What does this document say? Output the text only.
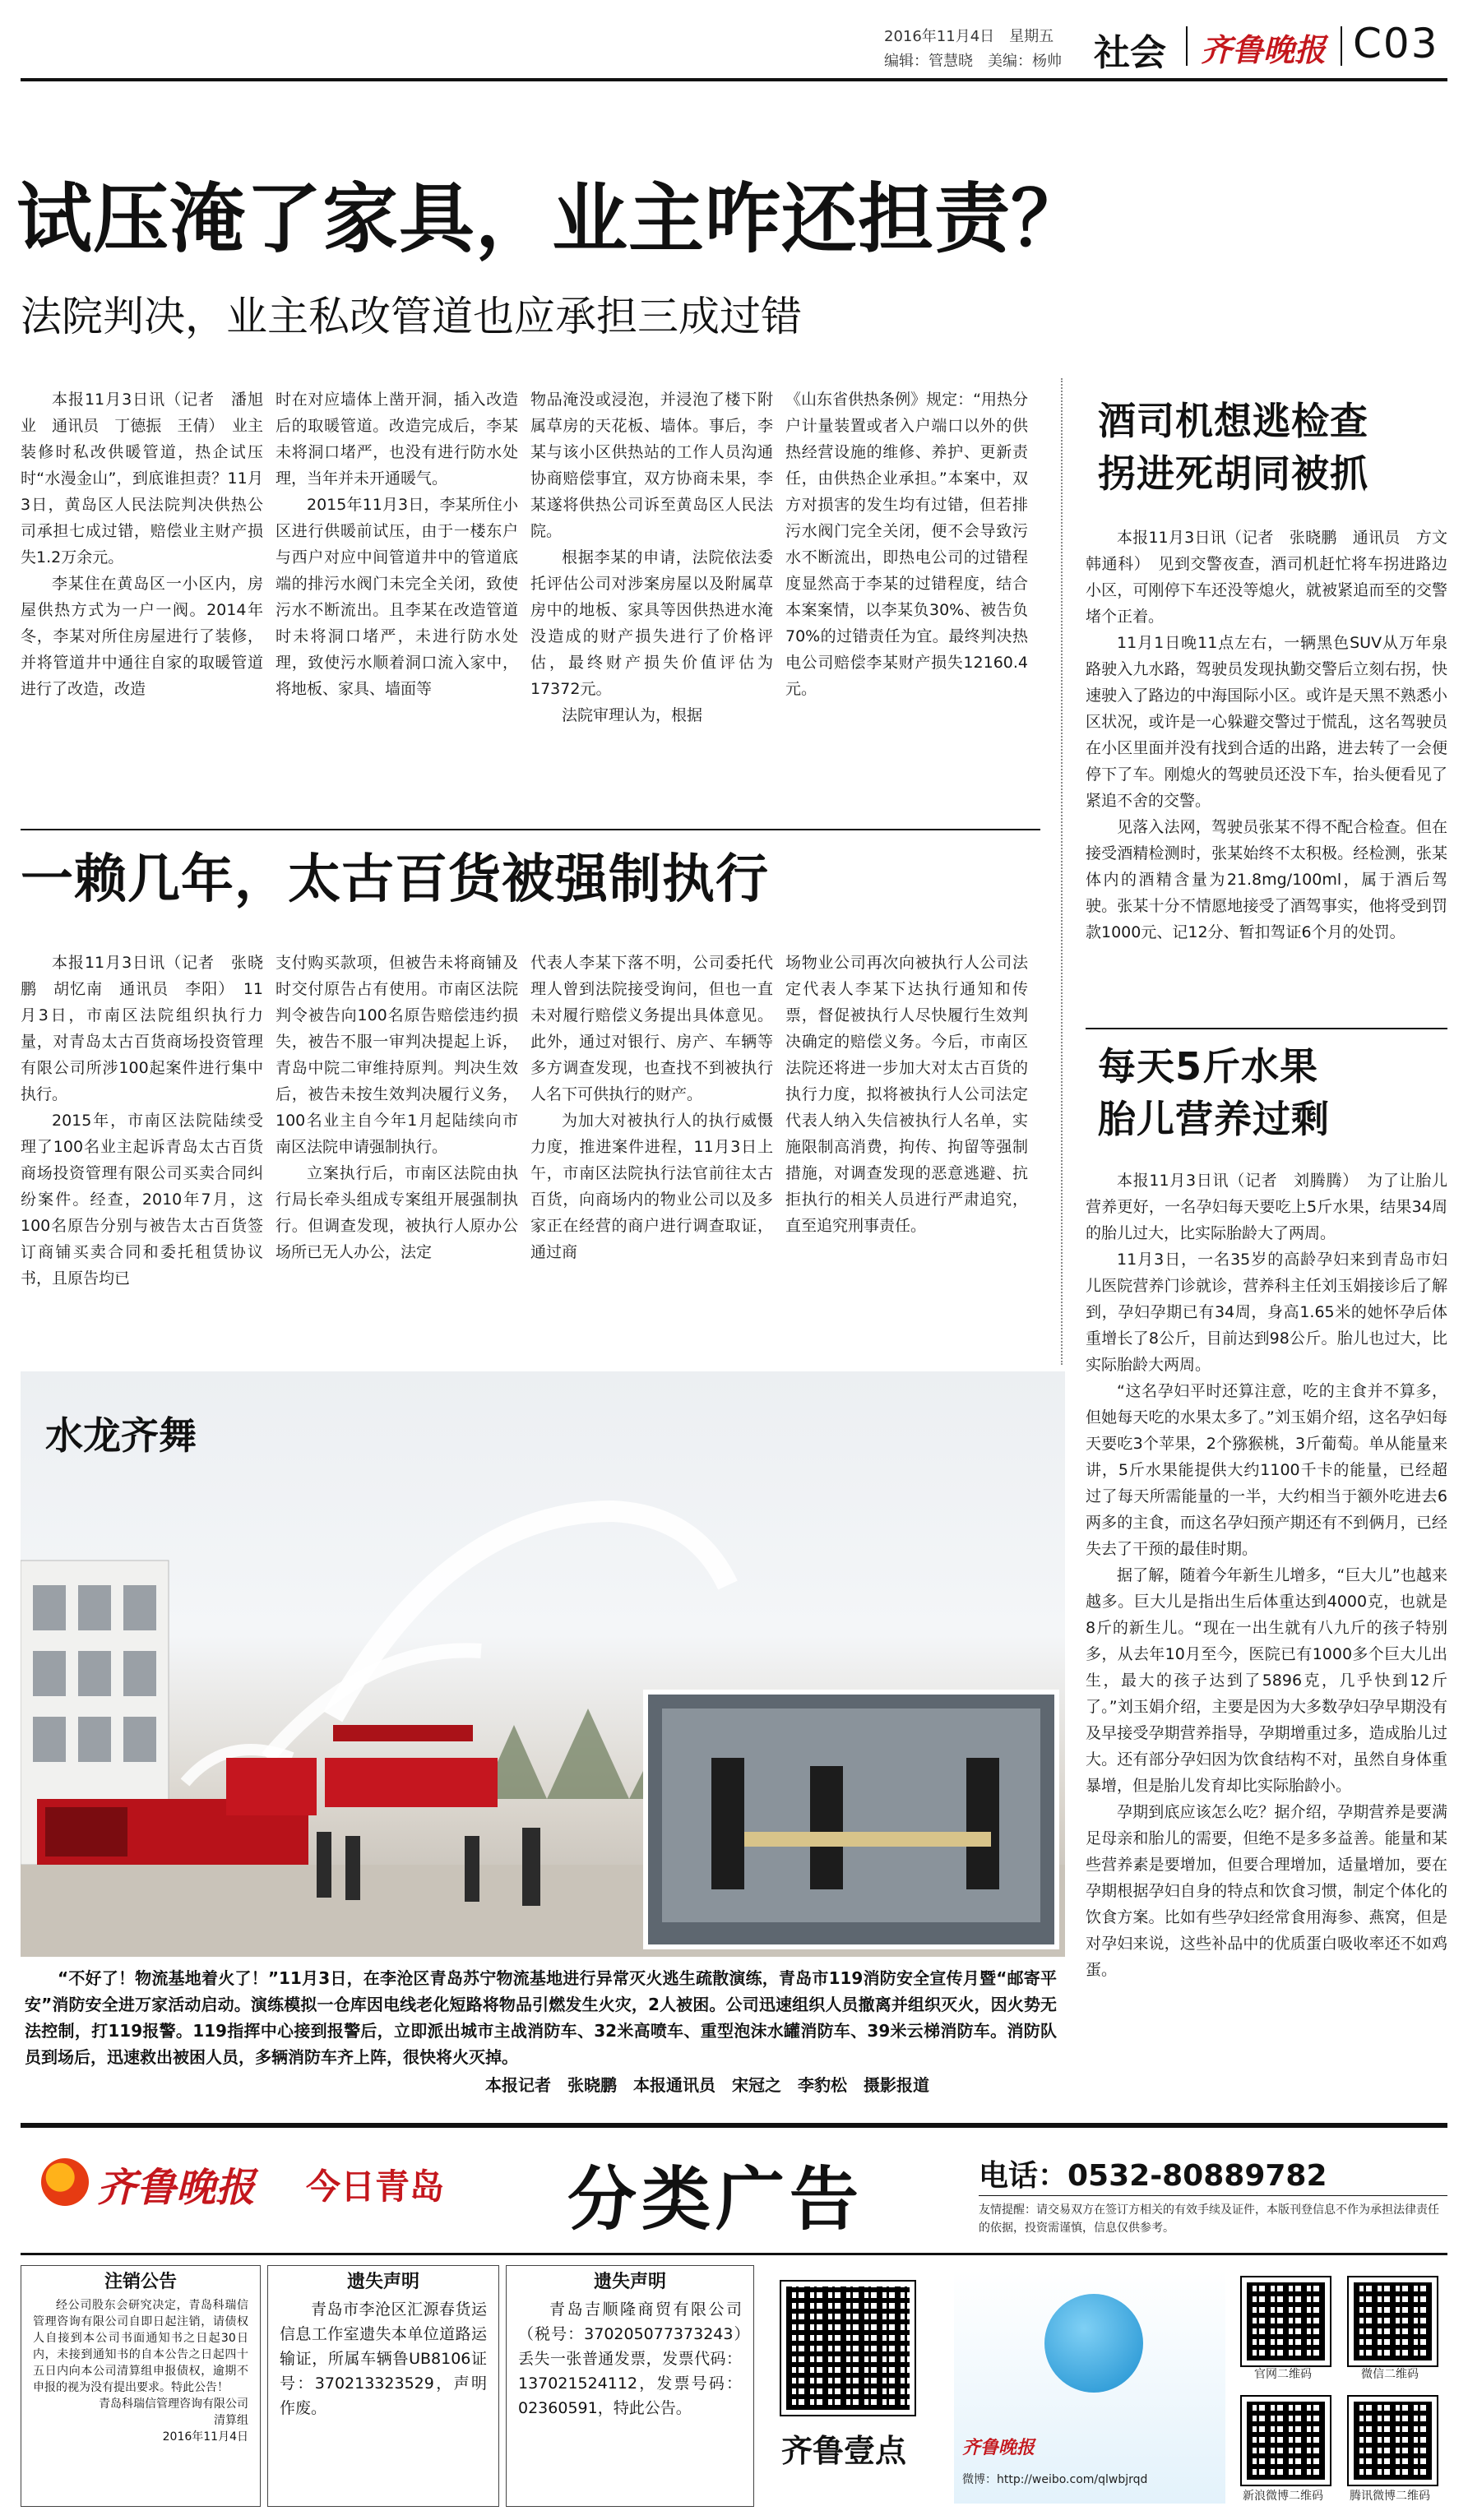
2016年11月4日　星期五
编辑：管慧晓　美编：杨帅 社会 齐鲁晚报 C03
试压淹了家具，业主咋还担责？
法院判决，业主私改管道也应承担三成过错

本报11月3日讯（记者　潘旭业　通讯员　丁德振　王倩）　业主装修时私改供暖管道，热企试压时“水漫金山”，到底谁担责？11月3日，黄岛区人民法院判决供热公司承担七成过错，赔偿业主财产损失1.2万余元。

李某住在黄岛区一小区内，房屋供热方式为一户一阀。2014年冬，李某对所住房屋进行了装修，并将管道井中通往自家的取暖管道进行了改造，改造

时在对应墙体上凿开洞，插入改造后的取暖管道。改造完成后，李某未将洞口堵严，也没有进行防水处理，当年并未开通暖气。

2015年11月3日，李某所住小区进行供暖前试压，由于一楼东户与西户对应中间管道井中的管道底端的排污水阀门未完全关闭，致使污水不断流出。且李某在改造管道时未将洞口堵严，未进行防水处理，致使污水顺着洞口流入家中，将地板、家具、墙面等

物品淹没或浸泡，并浸泡了楼下附属草房的天花板、墙体。事后，李某与该小区供热站的工作人员沟通协商赔偿事宜，双方协商未果，李某遂将供热公司诉至黄岛区人民法院。

根据李某的申请，法院依法委托评估公司对涉案房屋以及附属草房中的地板、家具等因供热进水淹没造成的财产损失进行了价格评估，最终财产损失价值评估为17372元。

法院审理认为，根据

《山东省供热条例》规定：“用热分户计量装置或者入户端口以外的供热经营设施的维修、养护、更新责任，由供热企业承担。”本案中，双方对损害的发生均有过错，但若排污水阀门完全关闭，便不会导致污水不断流出，即热电公司的过错程度显然高于李某的过错程度，结合本案案情，以李某负30%、被告负70%的过错责任为宜。最终判决热电公司赔偿李某财产损失12160.4元。

酒司机想逃检查
拐进死胡同被抓

本报11月3日讯（记者　张晓鹏　通讯员　方文　韩通科）　见到交警夜查，酒司机赶忙将车拐进路边小区，可刚停下车还没等熄火，就被紧追而至的交警堵个正着。

11月1日晚11点左右，一辆黑色SUV从万年泉路驶入九水路，驾驶员发现执勤交警后立刻右拐，快速驶入了路边的中海国际小区。或许是天黑不熟悉小区状况，或许是一心躲避交警过于慌乱，这名驾驶员在小区里面并没有找到合适的出路，进去转了一会便停下了车。刚熄火的驾驶员还没下车，抬头便看见了紧追不舍的交警。

见落入法网，驾驶员张某不得不配合检查。但在接受酒精检测时，张某始终不太积极。经检测，张某体内的酒精含量为21.8mg/100ml，属于酒后驾驶。张某十分不情愿地接受了酒驾事实，他将受到罚款1000元、记12分、暂扣驾证6个月的处罚。

一赖几年，太古百货被强制执行

本报11月3日讯（记者　张晓鹏　胡忆南　通讯员　李阳）　11月3日，市南区法院组织执行力量，对青岛太古百货商场投资管理有限公司所涉100起案件进行集中执行。

2015年，市南区法院陆续受理了100名业主起诉青岛太古百货商场投资管理有限公司买卖合同纠纷案件。经查，2010年7月，这100名原告分别与被告太古百货签订商铺买卖合同和委托租赁协议书，且原告均已

支付购买款项，但被告未将商铺及时交付原告占有使用。市南区法院判令被告向100名原告赔偿违约损失，被告不服一审判决提起上诉，青岛中院二审维持原判。判决生效后，被告未按生效判决履行义务，100名业主自今年1月起陆续向市南区法院申请强制执行。

立案执行后，市南区法院由执行局长牵头组成专案组开展强制执行。但调查发现，被执行人原办公场所已无人办公，法定

代表人李某下落不明，公司委托代理人曾到法院接受询问，但也一直未对履行赔偿义务提出具体意见。此外，通过对银行、房产、车辆等多方调查发现，也查找不到被执行人名下可供执行的财产。

为加大对被执行人的执行威慑力度，推进案件进程，11月3日上午，市南区法院执行法官前往太古百货，向商场内的物业公司以及多家正在经营的商户进行调查取证，通过商

场物业公司再次向被执行人公司法定代表人李某下达执行通知和传票，督促被执行人尽快履行生效判决确定的赔偿义务。今后，市南区法院还将进一步加大对太古百货的执行力度，拟将被执行人公司法定代表人纳入失信被执行人名单，实施限制高消费，拘传、拘留等强制措施，对调查发现的恶意逃避、抗拒执行的相关人员进行严肃追究，直至追究刑事责任。

每天5斤水果
胎儿营养过剩

本报11月3日讯（记者　刘腾腾）　为了让胎儿营养更好，一名孕妇每天要吃上5斤水果，结果34周的胎儿过大，比实际胎龄大了两周。

11月3日，一名35岁的高龄孕妇来到青岛市妇儿医院营养门诊就诊，营养科主任刘玉娟接诊后了解到，孕妇孕期已有34周，身高1.65米的她怀孕后体重增长了8公斤，目前达到98公斤。胎儿也过大，比实际胎龄大两周。

“这名孕妇平时还算注意，吃的主食并不算多，但她每天吃的水果太多了。”刘玉娟介绍，这名孕妇每天要吃3个苹果，2个猕猴桃，3斤葡萄。单从能量来讲，5斤水果能提供大约1100千卡的能量，已经超过了每天所需能量的一半，大约相当于额外吃进去6两多的主食，而这名孕妇预产期还有不到俩月，已经失去了干预的最佳时期。

据了解，随着今年新生儿增多，“巨大儿”也越来越多。巨大儿是指出生后体重达到4000克，也就是8斤的新生儿。“现在一出生就有八九斤的孩子特别多，从去年10月至今，医院已有1000多个巨大儿出生，最大的孩子达到了5896克，几乎快到12斤了。”刘玉娟介绍，主要是因为大多数孕妇孕早期没有及早接受孕期营养指导，孕期增重过多，造成胎儿过大。还有部分孕妇因为饮食结构不对，虽然自身体重暴增，但是胎儿发育却比实际胎龄小。

孕期到底应该怎么吃？据介绍，孕期营养是要满足母亲和胎儿的需要，但绝不是多多益善。能量和某些营养素是要增加，但要合理增加，适量增加，要在孕期根据孕妇自身的特点和饮食习惯，制定个体化的饮食方案。比如有些孕妇经常食用海参、燕窝，但是对孕妇来说，这些补品中的优质蛋白吸收率还不如鸡蛋。

水龙齐舞
“不好了！物流基地着火了！”11月3日，在李沧区青岛苏宁物流基地进行异常灭火逃生疏散演练，青岛市119消防安全宣传月暨“邮寄平安”消防安全进万家活动启动。演练模拟一仓库因电线老化短路将物品引燃发生火灾，2人被困。公司迅速组织人员撤离并组织灭火，因火势无法控制，打119报警。119指挥中心接到报警后，立即派出城市主战消防车、32米高喷车、重型泡沫水罐消防车、39米云梯消防车。消防队员到场后，迅速救出被困人员，多辆消防车齐上阵，很快将火灭掉。
本报记者　张晓鹏　本报通讯员　宋冠之　李豹松　摄影报道
齐鲁晚报 今日青岛 分类广告	电话：0532-80889782
友情提醒：请交易双方在签订方相关的有效手续及证件，本版刊登信息不作为承担法律责任的依据，投资需谨慎，信息仅供参考。
注销公告
经公司股东会研究决定，青岛科瑞信管理咨询有限公司自即日起注销，请债权人自接到本公司书面通知书之日起30日内，未接到通知书的自本公告之日起四十五日内向本公司清算组申报债权，逾期不申报的视为没有提出要求。特此公告！
青岛科瑞信管理咨询有限公司
清算组
2016年11月4日
遗失声明
青岛市李沧区汇源春货运信息工作室遗失本单位道路运输证，所属车辆鲁UB8106证号：370213323529，声明作废。
遗失声明
青岛吉顺隆商贸有限公司（税号：370205077373243）丢失一张普通发票，发票代码：137021524112，发票号码：02360591，特此公告。
齐鲁壹点	齐鲁晚报
微博：http://weibo.com/qlwbjrqd
官网二维码	微信二维码
新浪微博二维码	腾讯微博二维码
